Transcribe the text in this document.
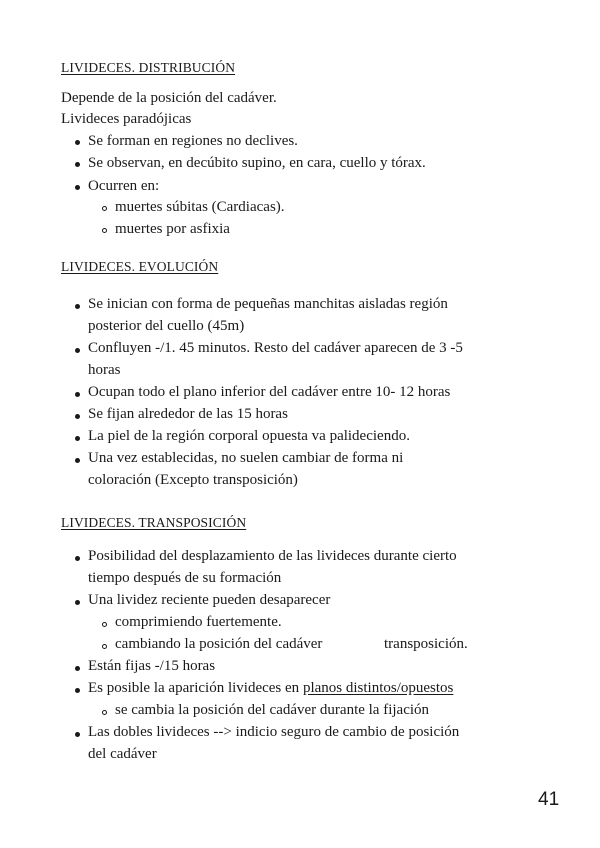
LIVIDECES. DISTRIBUCIÓN
Depende de la posición del cadáver.
Livideces paradójicas
Se forman en regiones no declives.
Se observan, en decúbito supino, en cara, cuello y tórax.
Ocurren en:
muertes súbitas (Cardiacas).
muertes por asfixia
LIVIDECES. EVOLUCIÓN
Se inician con forma de pequeñas manchitas aisladas región
posterior del cuello (45m)
Confluyen -/1. 45 minutos. Resto del cadáver aparecen de 3 -5
horas
Ocupan todo el plano inferior del cadáver entre 10- 12 horas
Se fijan alrededor de las 15 horas
La piel de la región corporal opuesta va palideciendo.
Una vez establecidas, no suelen cambiar de forma ni
coloración (Excepto transposición)
LIVIDECES. TRANSPOSICIÓN
Posibilidad del desplazamiento de las livideces durante cierto
tiempo después de su formación
Una lividez reciente pueden desaparecer
comprimiendo fuertemente.
cambiando la posición del cadáver	transposición.
Están fijas -/15 horas
Es posible la aparición livideces en planos distintos/opuestos
se cambia la posición del cadáver durante la fijación
Las dobles livideces --> indicio seguro de cambio de posición
del cadáver
41
